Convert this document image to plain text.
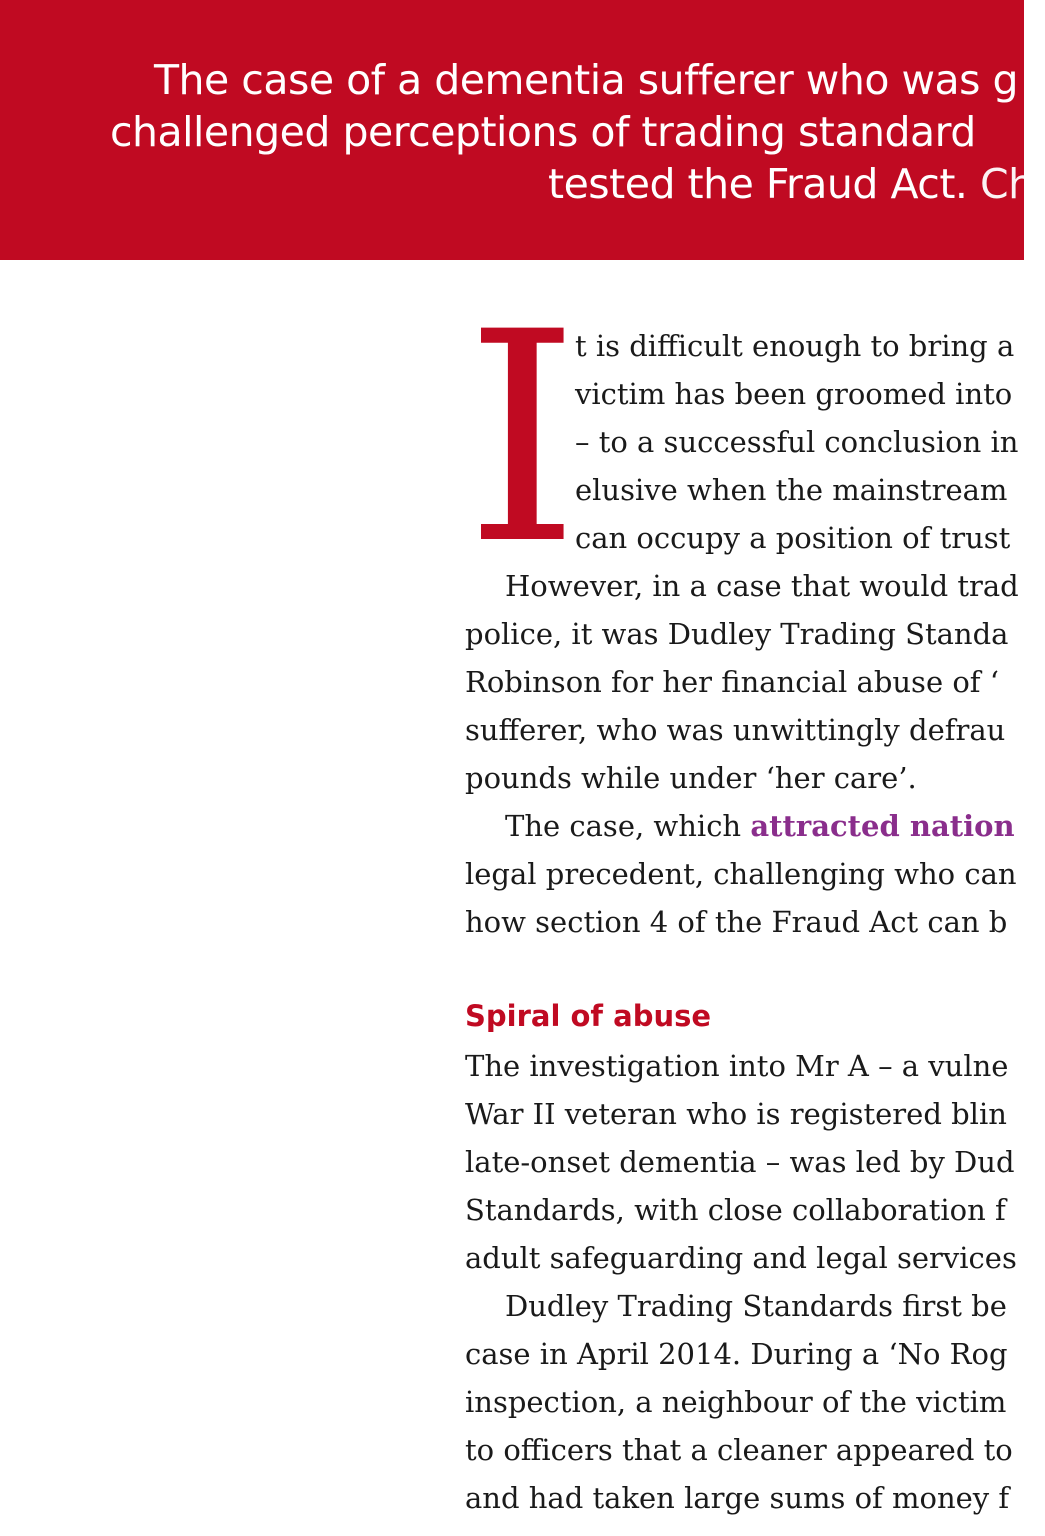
The case of a dementia sufferer who was g
challenged perceptions of trading standard
tested the Fraud Act. Ch
I
t is difficult enough to bring a
victim has been groomed into
– to a successful conclusion in
elusive when the mainstream
can occupy a position of trust
However, in a case that would trad
police, it was Dudley Trading Standa
Robinson for her financial abuse of ‘
sufferer, who was unwittingly defrau
pounds while under ‘her care’.
The case, which attracted nation
legal precedent, challenging who can
how section 4 of the Fraud Act can b
Spiral of abuse
The investigation into Mr A – a vulne
War II veteran who is registered blin
late-onset dementia – was led by Dud
Standards, with close collaboration f
adult safeguarding and legal services
Dudley Trading Standards first be
case in April 2014. During a ‘No Rog
inspection, a neighbour of the victim
to officers that a cleaner appeared to
and had taken large sums of money f
